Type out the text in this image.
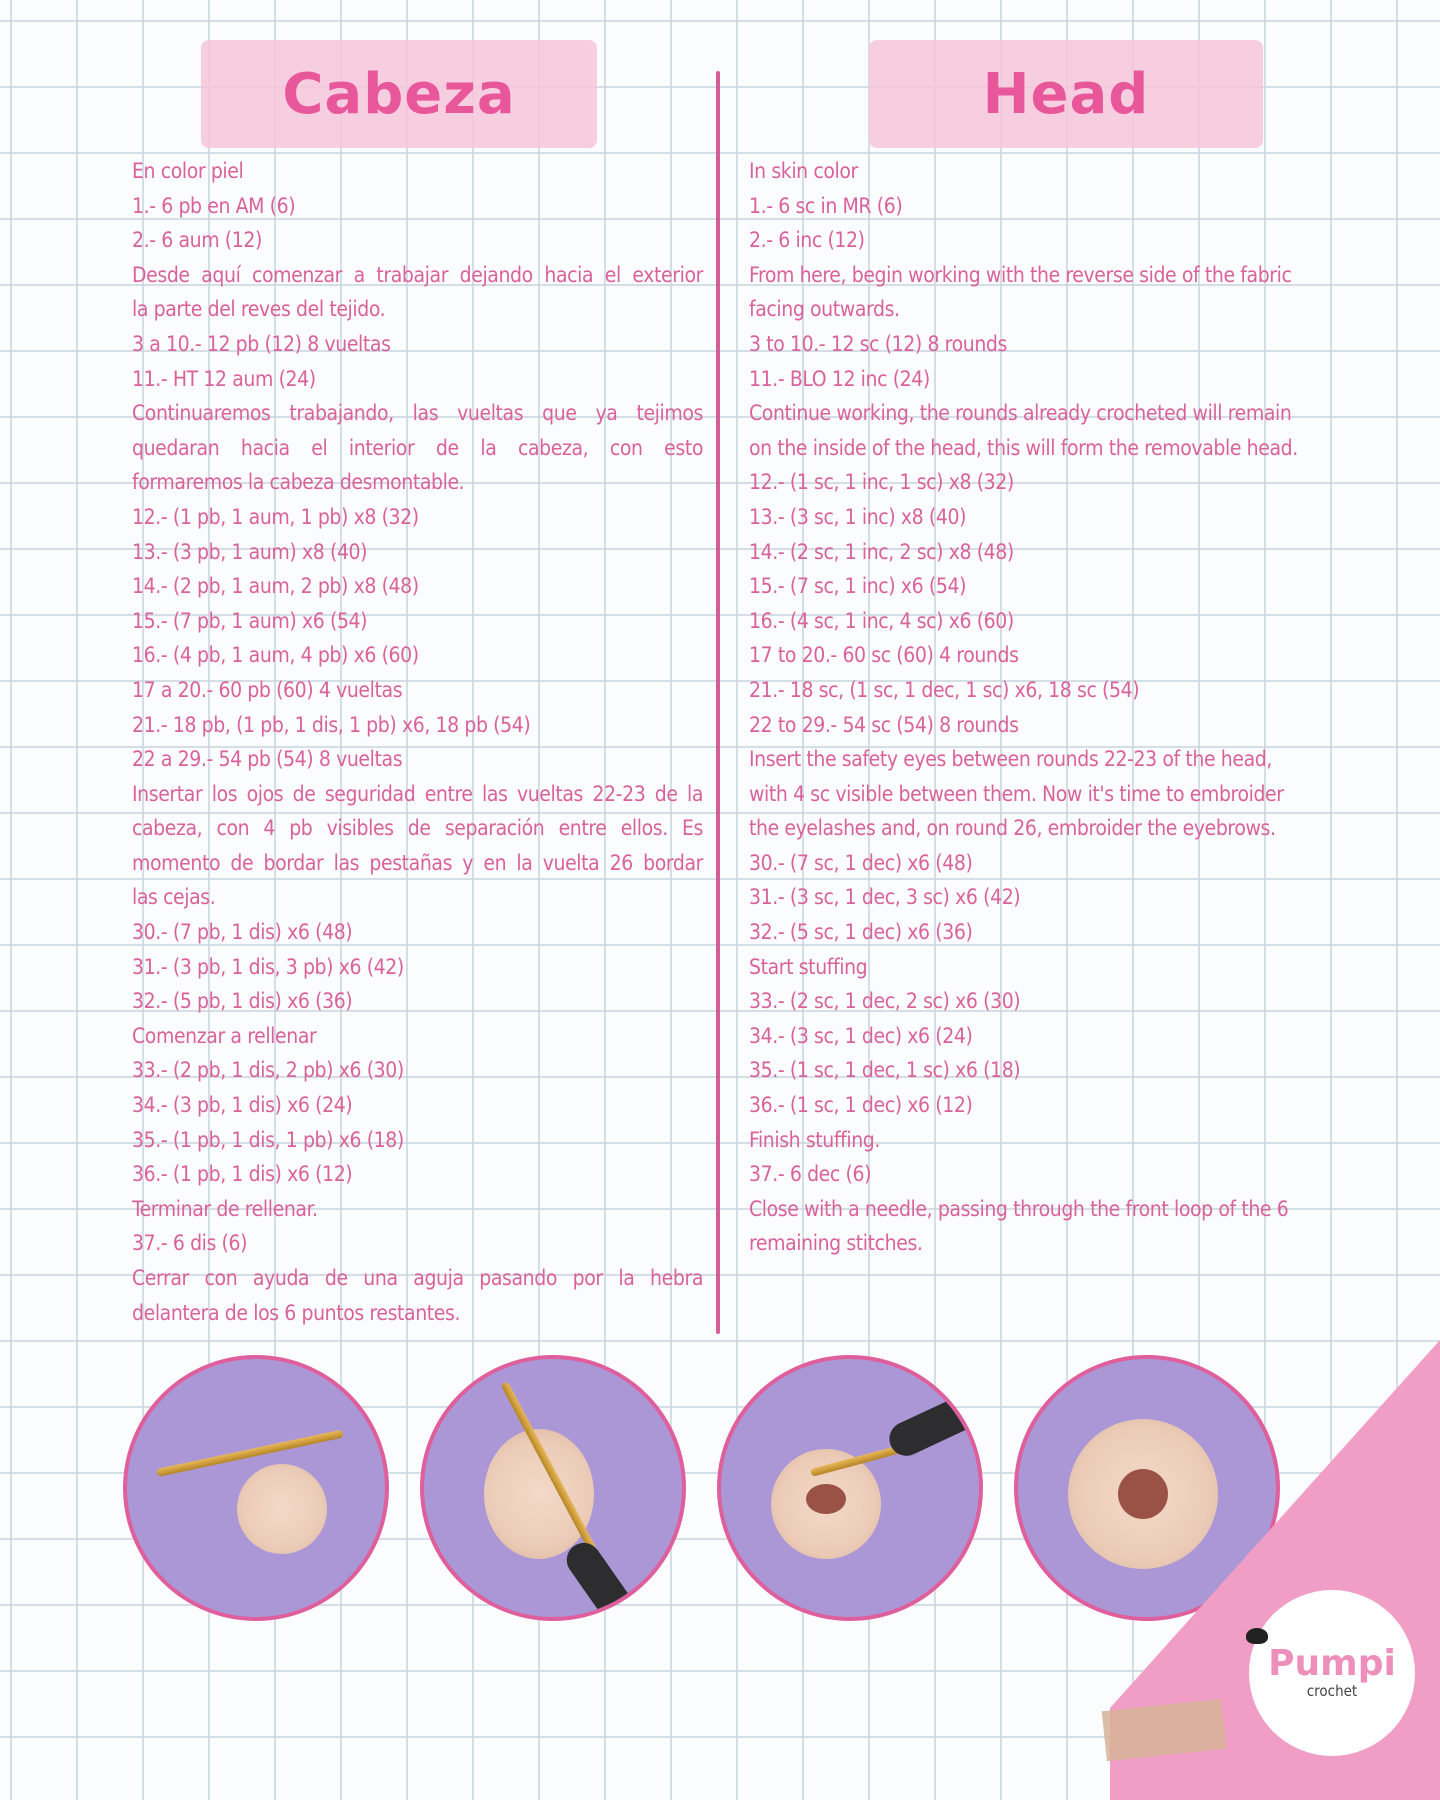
Cabeza	Head
En color piel
1.- 6 pb en AM (6)
2.- 6 aum (12)
Desde aquí comenzar a trabajar dejando hacia el exterior
la parte del reves del tejido.
3 a 10.- 12 pb (12) 8 vueltas
11.- HT 12 aum (24)
Continuaremos trabajando, las vueltas que ya tejimos
quedaran hacia el interior de la cabeza, con esto
formaremos la cabeza desmontable.
12.- (1 pb, 1 aum, 1 pb) x8 (32)
13.- (3 pb, 1 aum) x8 (40)
14.- (2 pb, 1 aum, 2 pb) x8 (48)
15.- (7 pb, 1 aum) x6 (54)
16.- (4 pb, 1 aum, 4 pb) x6 (60)
17 a 20.- 60 pb (60) 4 vueltas
21.- 18 pb, (1 pb, 1 dis, 1 pb) x6, 18 pb (54)
22 a 29.- 54 pb (54) 8 vueltas
Insertar los ojos de seguridad entre las vueltas 22-23 de la
cabeza, con 4 pb visibles de separación entre ellos. Es
momento de bordar las pestañas y en la vuelta 26 bordar
las cejas.
30.- (7 pb, 1 dis) x6 (48)
31.- (3 pb, 1 dis, 3 pb) x6 (42)
32.- (5 pb, 1 dis) x6 (36)
Comenzar a rellenar
33.- (2 pb, 1 dis, 2 pb) x6 (30)
34.- (3 pb, 1 dis) x6 (24)
35.- (1 pb, 1 dis, 1 pb) x6 (18)
36.- (1 pb, 1 dis) x6 (12)
Terminar de rellenar.
37.- 6 dis (6)
Cerrar con ayuda de una aguja pasando por la hebra
delantera de los 6 puntos restantes.
In skin color
1.- 6 sc in MR (6)
2.- 6 inc (12)
From here, begin working with the reverse side of the fabric
facing outwards.
3 to 10.- 12 sc (12) 8 rounds
11.- BLO 12 inc (24)
Continue working, the rounds already crocheted will remain
on the inside of the head, this will form the removable head.
12.- (1 sc, 1 inc, 1 sc) x8 (32)
13.- (3 sc, 1 inc) x8 (40)
14.- (2 sc, 1 inc, 2 sc) x8 (48)
15.- (7 sc, 1 inc) x6 (54)
16.- (4 sc, 1 inc, 4 sc) x6 (60)
17 to 20.- 60 sc (60) 4 rounds
21.- 18 sc, (1 sc, 1 dec, 1 sc) x6, 18 sc (54)
22 to 29.- 54 sc (54) 8 rounds
Insert the safety eyes between rounds 22-23 of the head,
with 4 sc visible between them. Now it's time to embroider
the eyelashes and, on round 26, embroider the eyebrows.
30.- (7 sc, 1 dec) x6 (48)
31.- (3 sc, 1 dec, 3 sc) x6 (42)
32.- (5 sc, 1 dec) x6 (36)
Start stuffing
33.- (2 sc, 1 dec, 2 sc) x6 (30)
34.- (3 sc, 1 dec) x6 (24)
35.- (1 sc, 1 dec, 1 sc) x6 (18)
36.- (1 sc, 1 dec) x6 (12)
Finish stuffing.
37.- 6 dec (6)
Close with a needle, passing through the front loop of the 6
remaining stitches.
Pumpi
crochet
